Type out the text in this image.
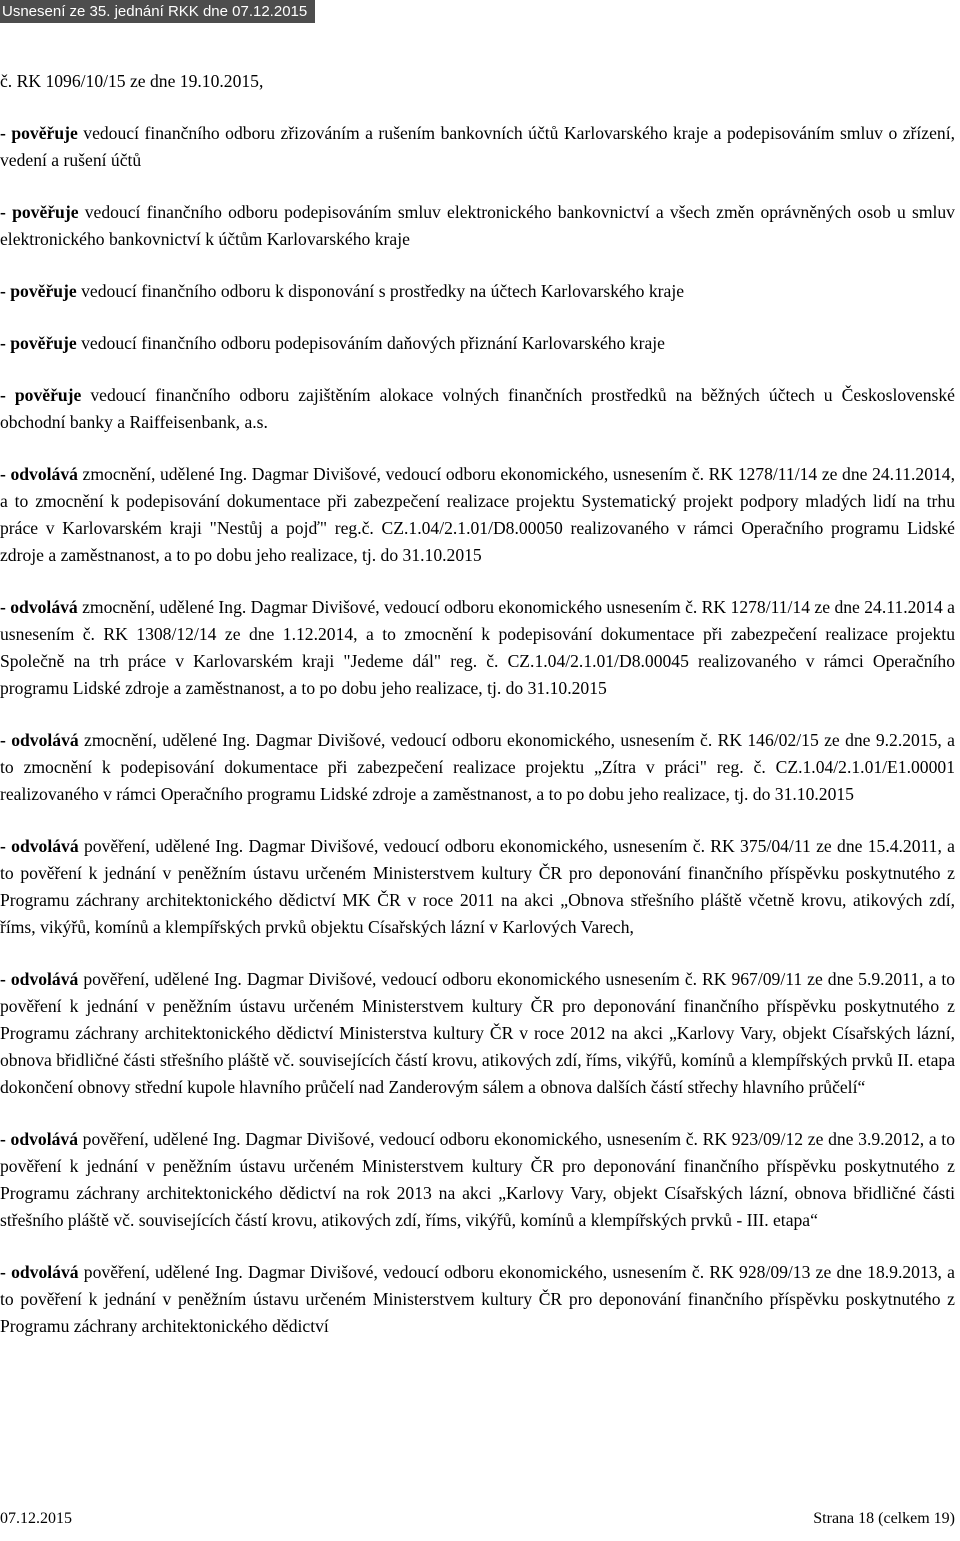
Usnesení ze 35. jednání RKK dne 07.12.2015

č. RK 1096/10/15 ze dne 19.10.2015,

- pověřuje vedoucí finančního odboru zřizováním a rušením bankovních účtů Karlovarského kraje a podepisováním smluv o zřízení, vedení a rušení účtů

- pověřuje vedoucí finančního odboru podepisováním smluv elektronického bankovnictví a všech změn oprávněných osob u smluv elektronického bankovnictví k účtům Karlovarského kraje

- pověřuje vedoucí finančního odboru k disponování s prostředky na účtech Karlovarského kraje

- pověřuje vedoucí finančního odboru podepisováním daňových přiznání Karlovarského kraje

- pověřuje vedoucí finančního odboru zajištěním alokace volných finančních prostředků na běžných účtech u Československé obchodní banky a Raiffeisenbank, a.s.

- odvolává zmocnění, udělené Ing. Dagmar Divišové, vedoucí odboru ekonomického, usnesením č. RK 1278/11/14 ze dne 24.11.2014, a to zmocnění k podepisování dokumentace při zabezpečení realizace projektu Systematický projekt podpory mladých lidí na trhu práce v Karlovarském kraji "Nestůj a pojď" reg.č. CZ.1.04/2.1.01/D8.00050 realizovaného v rámci Operačního programu Lidské zdroje a zaměstnanost, a to po dobu jeho realizace, tj. do 31.10.2015

- odvolává zmocnění, udělené Ing. Dagmar Divišové, vedoucí odboru ekonomického usnesením č. RK 1278/11/14 ze dne 24.11.2014 a usnesením č. RK 1308/12/14 ze dne 1.12.2014, a to zmocnění k podepisování dokumentace při zabezpečení realizace projektu Společně na trh práce v Karlovarském kraji "Jedeme dál" reg. č. CZ.1.04/2.1.01/D8.00045 realizovaného v rámci Operačního programu Lidské zdroje a zaměstnanost, a to po dobu jeho realizace, tj. do 31.10.2015

- odvolává zmocnění, udělené Ing. Dagmar Divišové, vedoucí odboru ekonomického, usnesením č. RK 146/02/15 ze dne 9.2.2015, a to zmocnění k podepisování dokumentace při zabezpečení realizace projektu „Zítra v práci" reg. č. CZ.1.04/2.1.01/E1.00001 realizovaného v rámci Operačního programu Lidské zdroje a zaměstnanost, a to po dobu jeho realizace, tj. do 31.10.2015

- odvolává pověření, udělené Ing. Dagmar Divišové, vedoucí odboru ekonomického, usnesením č. RK 375/04/11 ze dne 15.4.2011, a to pověření k jednání v peněžním ústavu určeném Ministerstvem kultury ČR pro deponování finančního příspěvku poskytnutého z Programu záchrany architektonického dědictví MK ČR v roce 2011 na akci „Obnova střešního pláště včetně krovu, atikových zdí, říms, vikýřů, komínů a klempířských prvků objektu Císařských lázní v Karlových Varech,

- odvolává pověření, udělené Ing. Dagmar Divišové, vedoucí odboru ekonomického usnesením č. RK 967/09/11 ze dne 5.9.2011, a to pověření k jednání v peněžním ústavu určeném Ministerstvem kultury ČR pro deponování finančního příspěvku poskytnutého z Programu záchrany architektonického dědictví Ministerstva kultury ČR v roce 2012 na akci „Karlovy Vary, objekt Císařských lázní, obnova břidličné části střešního pláště vč. souvisejících částí krovu, atikových zdí, říms, vikýřů, komínů a klempířských prvků II. etapa dokončení obnovy střední kupole hlavního průčelí nad Zanderovým sálem a obnova dalších částí střechy hlavního průčelí“

- odvolává pověření, udělené Ing. Dagmar Divišové, vedoucí odboru ekonomického, usnesením č. RK 923/09/12 ze dne 3.9.2012, a to pověření k jednání v peněžním ústavu určeném Ministerstvem kultury ČR pro deponování finančního příspěvku poskytnutého z Programu záchrany architektonického dědictví na rok 2013 na akci „Karlovy Vary, objekt Císařských lázní, obnova břidličné části střešního pláště vč. souvisejících částí krovu, atikových zdí, říms, vikýřů, komínů a klempířských prvků - III. etapa“

- odvolává pověření, udělené Ing. Dagmar Divišové, vedoucí odboru ekonomického, usnesením č. RK 928/09/13 ze dne 18.9.2013, a to pověření k jednání v peněžním ústavu určeném Ministerstvem kultury ČR pro deponování finančního příspěvku poskytnutého z Programu záchrany architektonického dědictví

07.12.2015	Strana 18 (celkem 19)
